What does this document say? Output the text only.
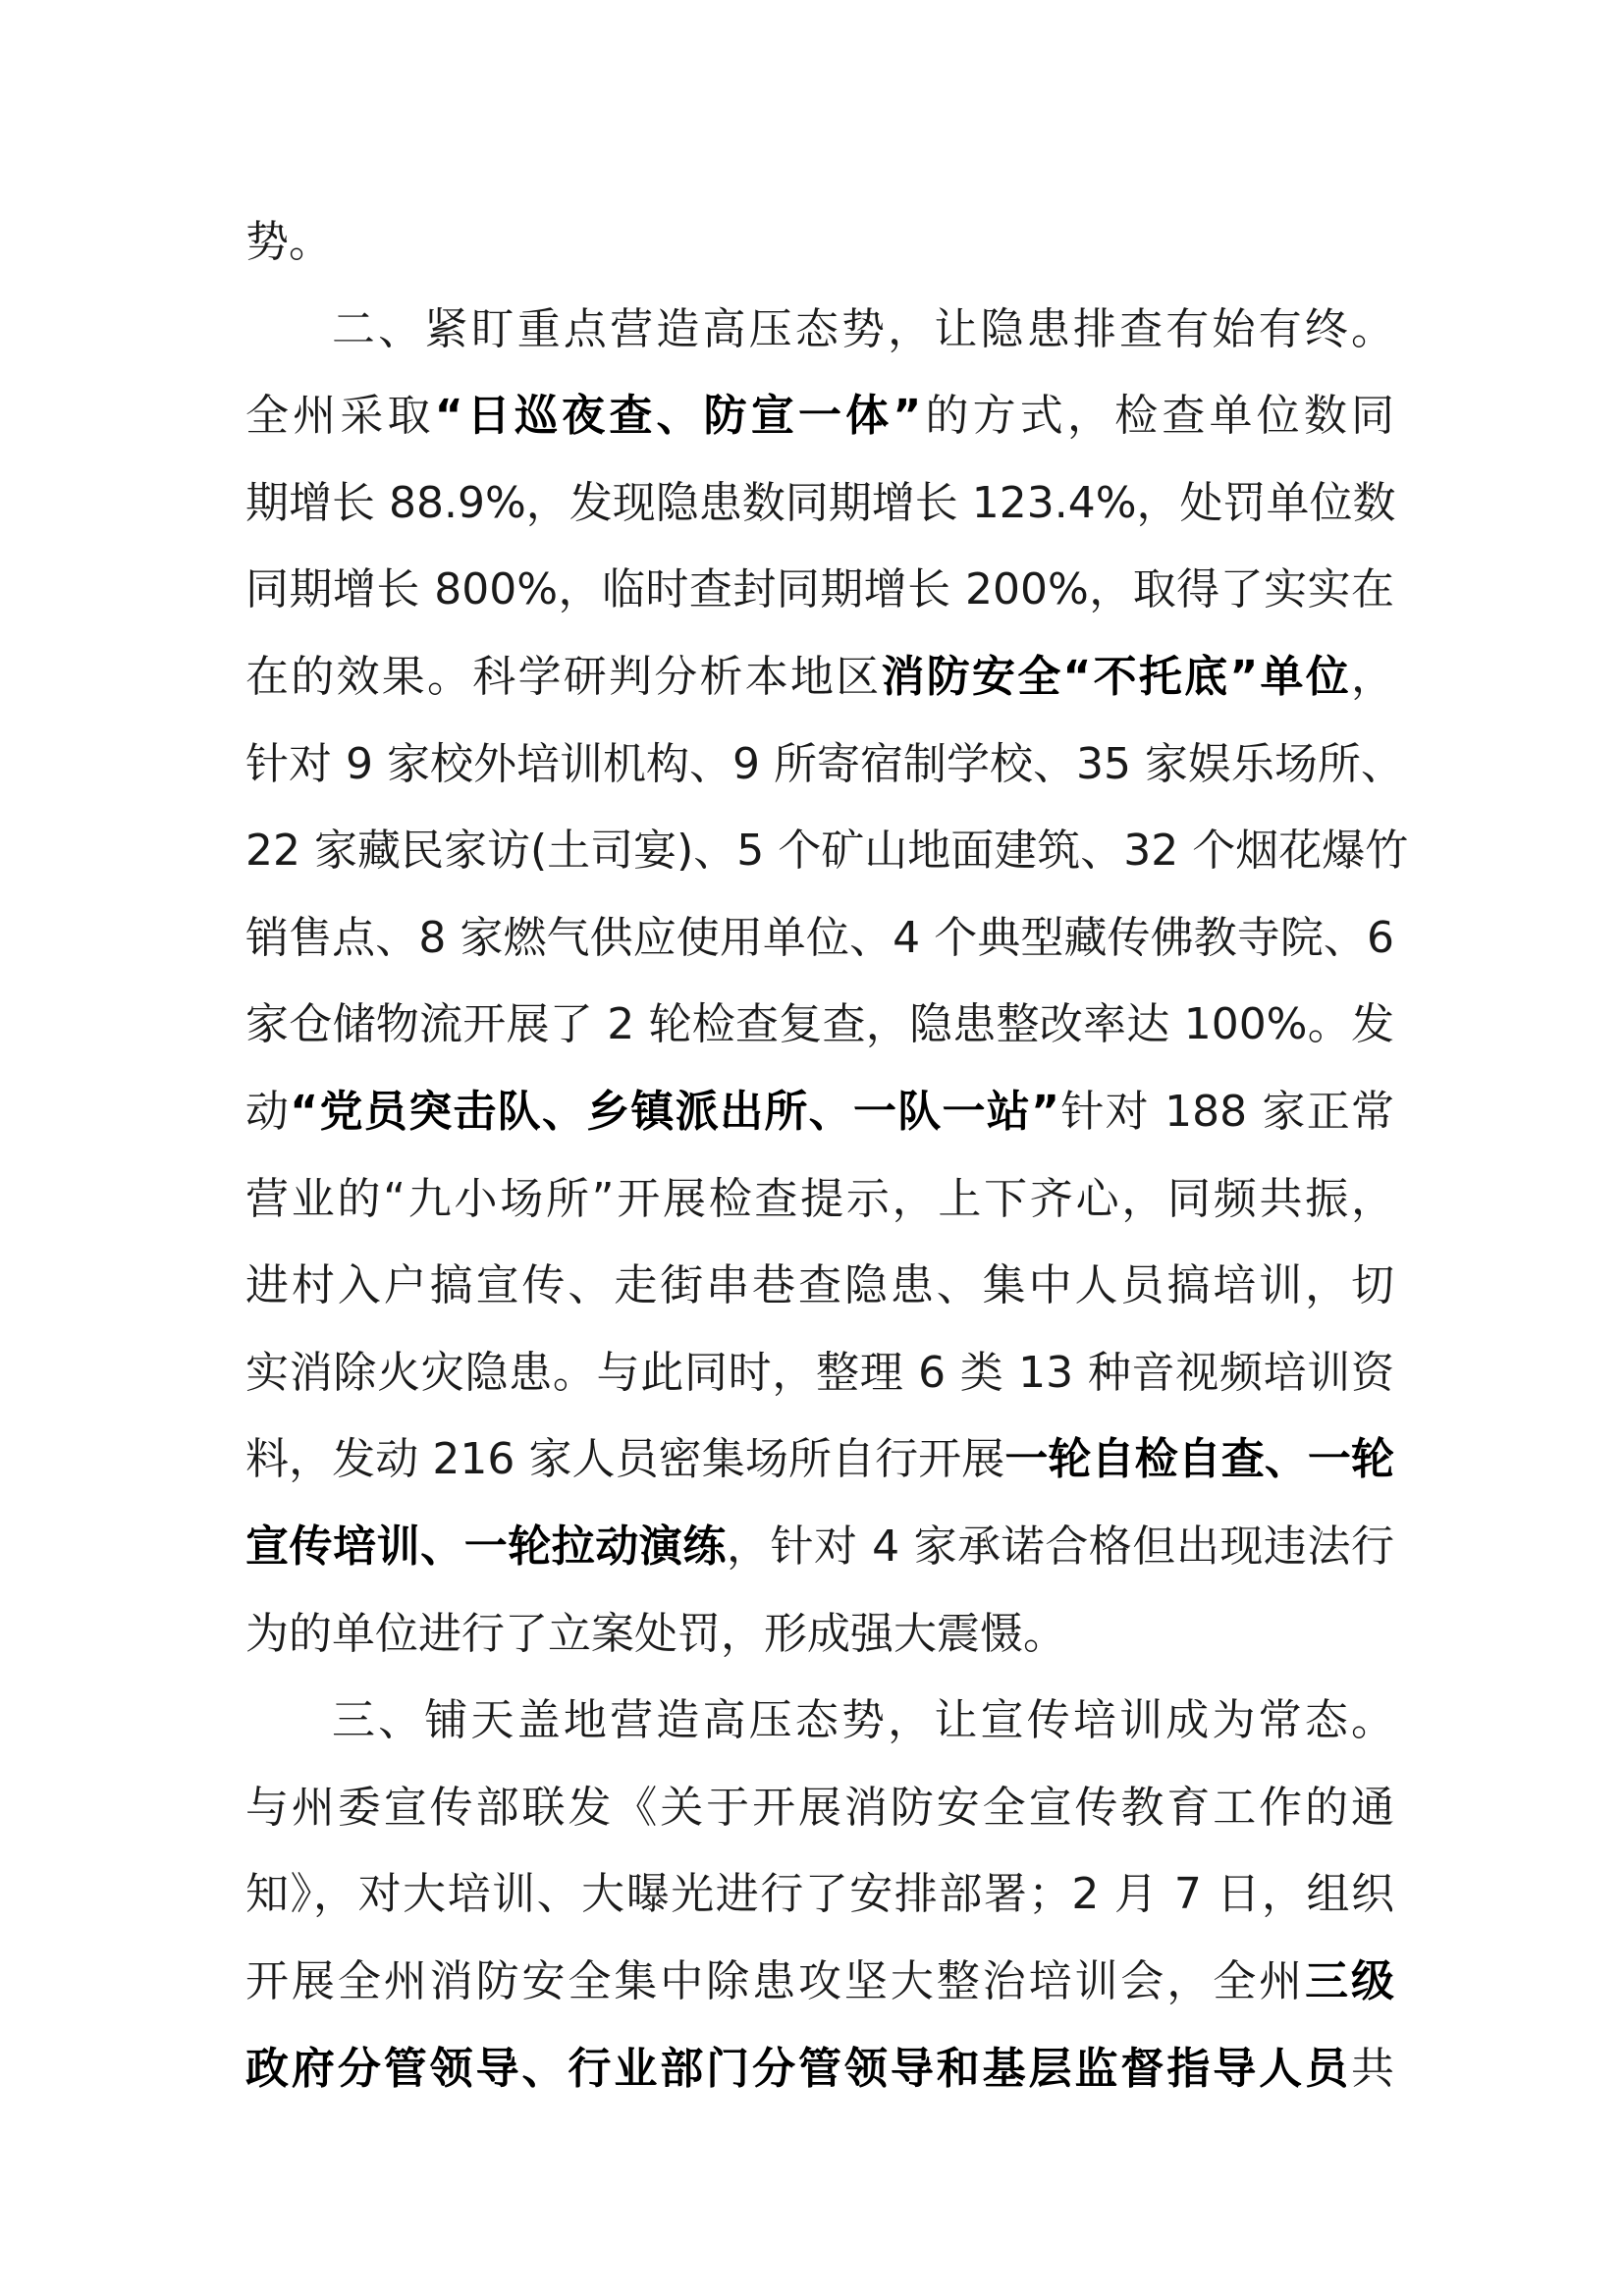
势。
二、紧盯重点营造高压态势，让隐患排查有始有终。
全州采取“日巡夜查、防宣一体”的方式，检查单位数同
期增长 88.9%，发现隐患数同期增长 123.4%，处罚单位数
同期增长 800%，临时查封同期增长 200%，取得了实实在
在的效果。科学研判分析本地区消防安全“不托底”单位，
针对 9 家校外培训机构、9 所寄宿制学校、35 家娱乐场所、
22 家藏民家访(土司宴)、5 个矿山地面建筑、32 个烟花爆竹
销售点、8 家燃气供应使用单位、4 个典型藏传佛教寺院、6
家仓储物流开展了 2 轮检查复查，隐患整改率达 100%。发
动“党员突击队、乡镇派出所、一队一站”针对 188 家正常
营业的“九小场所”开展检查提示，上下齐心，同频共振，
进村入户搞宣传、走街串巷查隐患、集中人员搞培训，切
实消除火灾隐患。与此同时，整理 6 类 13 种音视频培训资
料，发动 216 家人员密集场所自行开展一轮自检自查、一轮
宣传培训、一轮拉动演练，针对 4 家承诺合格但出现违法行
为的单位进行了立案处罚，形成强大震慑。
三、铺天盖地营造高压态势，让宣传培训成为常态。
与州委宣传部联发《关于开展消防安全宣传教育工作的通
知》，对大培训、大曝光进行了安排部署；2 月 7 日，组织
开展全州消防安全集中除患攻坚大整治培训会，全州三级
政府分管领导、行业部门分管领导和基层监督指导人员共
